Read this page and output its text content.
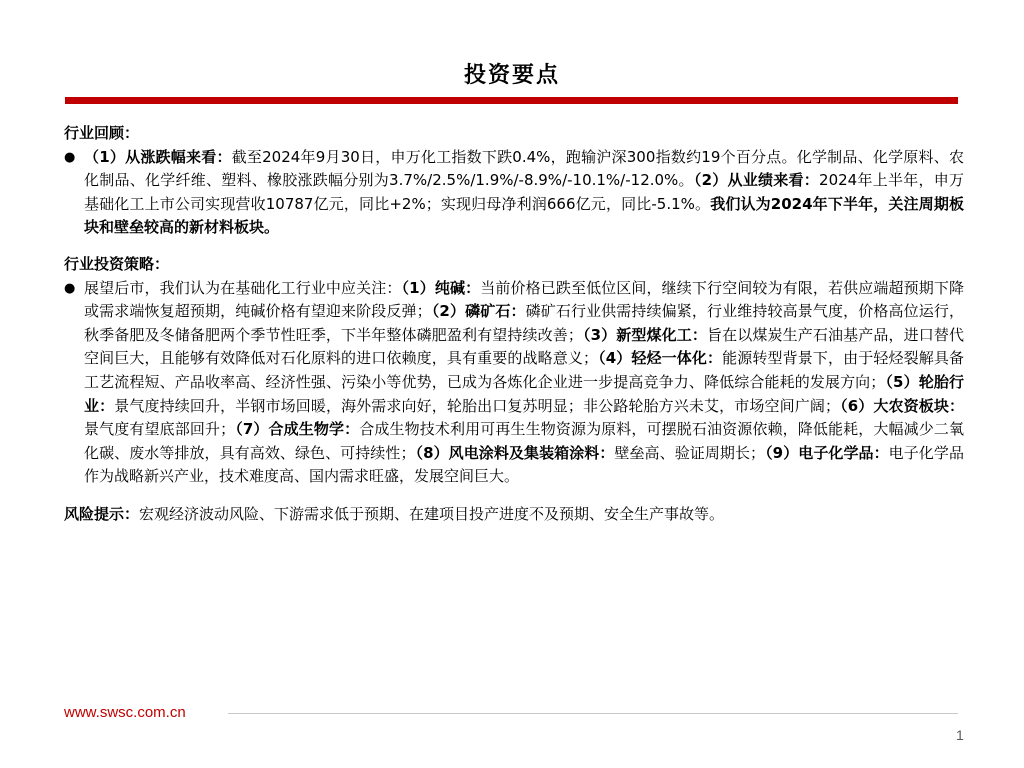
投资要点

行业回顾：

● （1）从涨跌幅来看：截至2024年9月30日，申万化工指数下跌0.4%，跑输沪深300指数约19个百分点。化学制品、化学原料、农化制品、化学纤维、塑料、橡胶涨跌幅分别为3.7%/2.5%/1.9%/-8.9%/-10.1%/-12.0%。（2）从业绩来看：2024年上半年，申万基础化工上市公司实现营收10787亿元，同比+2%；实现归母净利润666亿元，同比-5.1%。我们认为2024年下半年，关注周期板块和壁垒较高的新材料板块。

行业投资策略：

● 展望后市，我们认为在基础化工行业中应关注：（1）纯碱：当前价格已跌至低位区间，继续下行空间较为有限，若供应端超预期下降或需求端恢复超预期，纯碱价格有望迎来阶段反弹；（2）磷矿石：磷矿石行业供需持续偏紧，行业维持较高景气度，价格高位运行，秋季备肥及冬储备肥两个季节性旺季，下半年整体磷肥盈利有望持续改善；（3）新型煤化工：旨在以煤炭生产石油基产品，进口替代空间巨大，且能够有效降低对石化原料的进口依赖度，具有重要的战略意义；（4）轻烃一体化：能源转型背景下，由于轻烃裂解具备工艺流程短、产品收率高、经济性强、污染小等优势，已成为各炼化企业进一步提高竞争力、降低综合能耗的发展方向；（5）轮胎行业：景气度持续回升，半钢市场回暖，海外需求向好，轮胎出口复苏明显；非公路轮胎方兴未艾，市场空间广阔；（6）大农资板块：景气度有望底部回升；（7）合成生物学：合成生物技术利用可再生生物资源为原料，可摆脱石油资源依赖，降低能耗，大幅减少二氧化碳、废水等排放，具有高效、绿色、可持续性；（8）风电涂料及集装箱涂料：壁垒高、验证周期长；（9）电子化学品：电子化学品作为战略新兴产业，技术难度高、国内需求旺盛，发展空间巨大。

风险提示：宏观经济波动风险、下游需求低于预期、在建项目投产进度不及预期、安全生产事故等。

www.swsc.com.cn
1
